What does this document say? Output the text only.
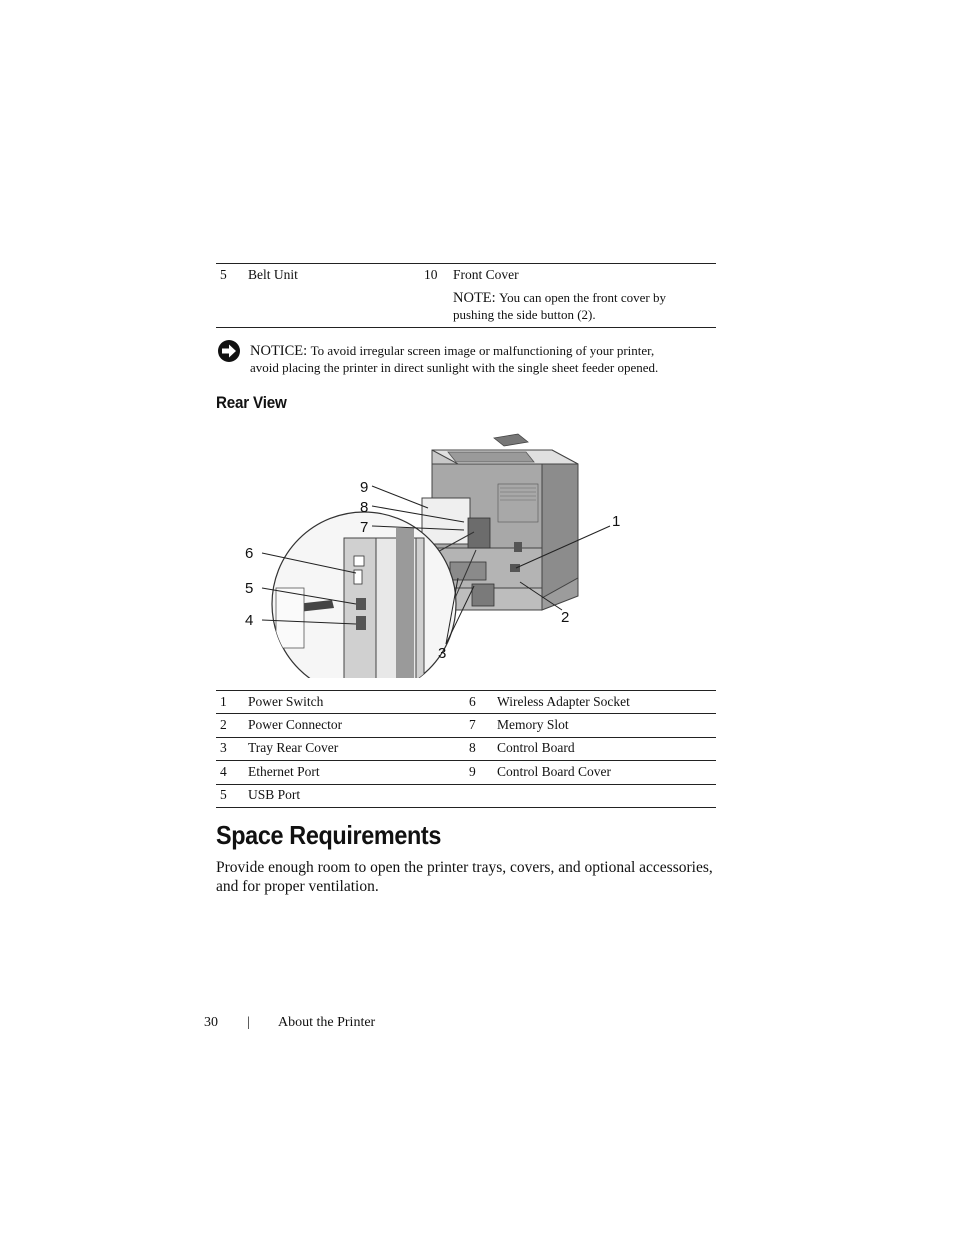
5 Belt Unit	10 Front Cover
NOTE: You can open the front cover by
pushing the side button (2).
NOTICE: To avoid irregular screen image or malfunctioning of your printer,
avoid placing the printer in direct sunlight with the single sheet feeder opened.
Rear View
9
8
7
6
5
4
1
2
3
1 Power Switch	6 Wireless Adapter Socket
2 Power Connector	7 Memory Slot
3 Tray Rear Cover	8 Control Board
4 Ethernet Port	9 Control Board Cover
5 USB Port
Space Requirements
Provide enough room to open the printer trays, covers, and optional accessories, and for proper ventilation.
30 | About the Printer
